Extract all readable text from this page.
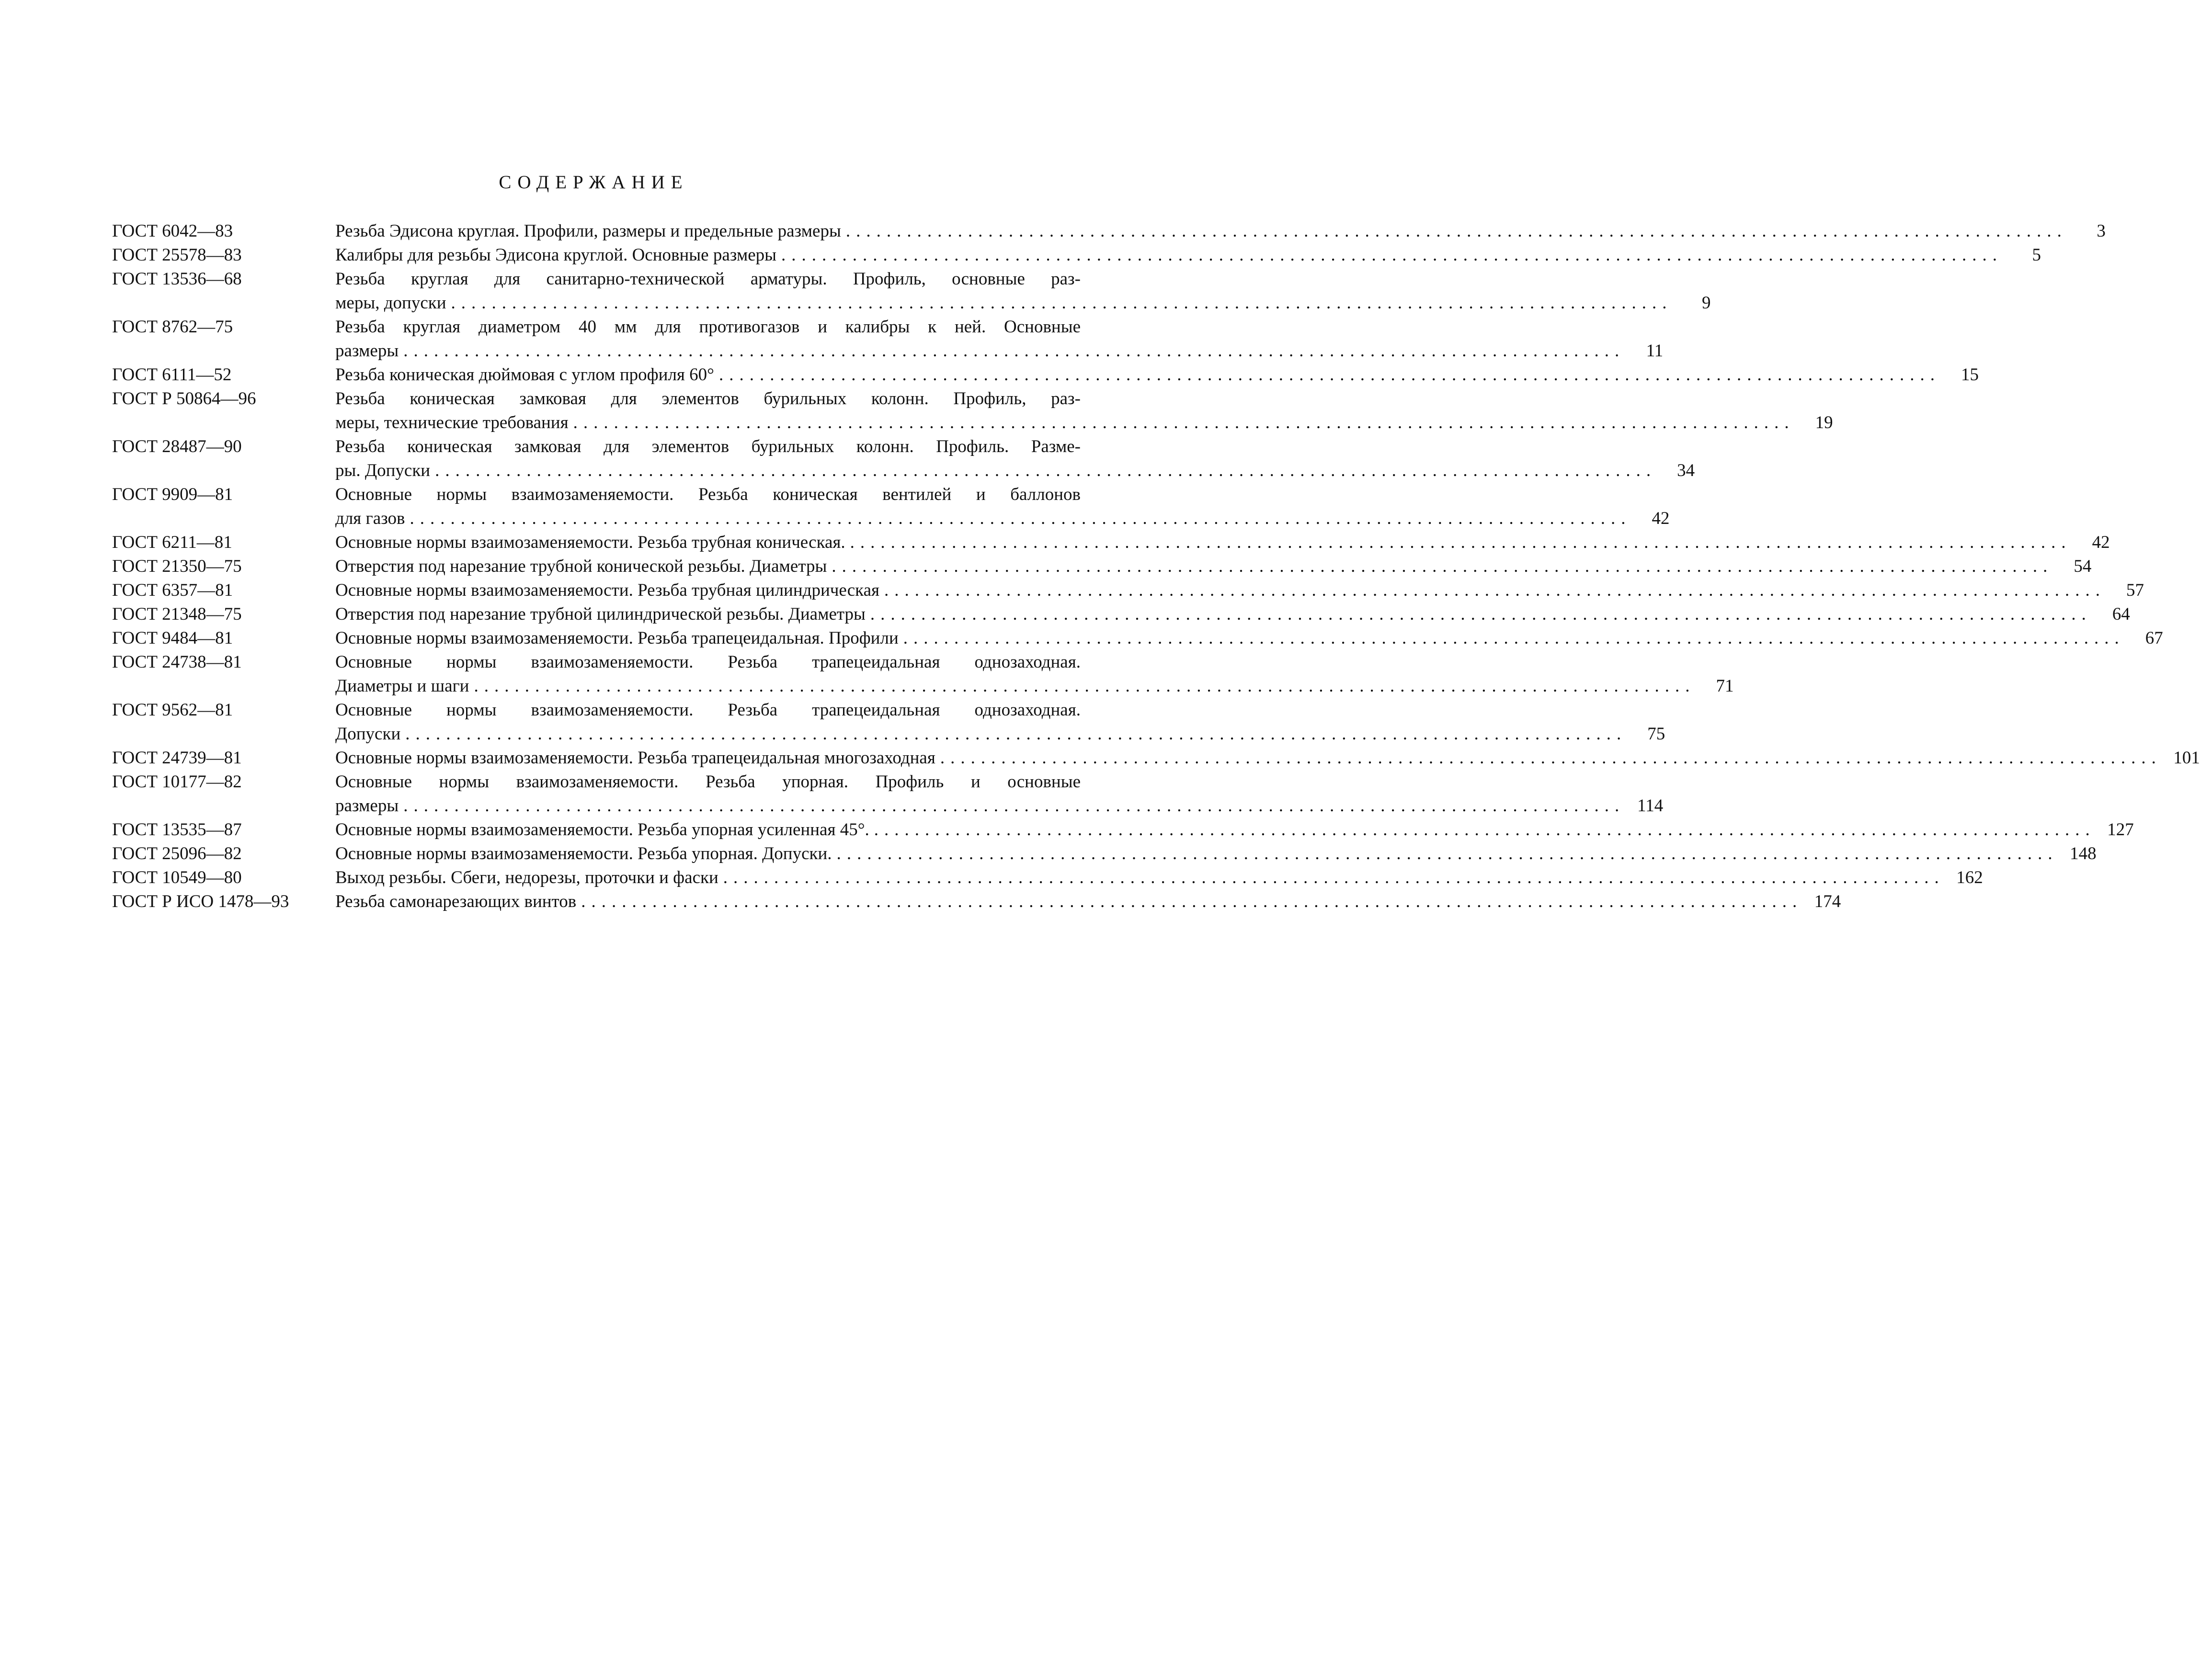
СОДЕРЖАНИЕ
ГОСТ 6042—83	Резьба Эдисона круглая. Профили, размеры и предельные размеры ........................................................................................................................	3
ГОСТ 25578—83	Калибры для резьбы Эдисона круглой. Основные размеры ........................................................................................................................	5
ГОСТ 13536—68	Резьба круглая для санитарно-технической арматуры. Профиль, основные раз-
меры, допуски ........................................................................................................................	9
ГОСТ 8762—75	Резьба круглая диаметром 40 мм для противогазов и калибры к ней. Основные
размеры ........................................................................................................................	11
ГОСТ 6111—52	Резьба коническая дюймовая с углом профиля 60° ........................................................................................................................	15
ГОСТ Р 50864—96	Резьба коническая замковая для элементов бурильных колонн. Профиль, раз-
меры, технические требования ........................................................................................................................	19
ГОСТ 28487—90	Резьба коническая замковая для элементов бурильных колонн. Профиль. Разме-
ры. Допуски ........................................................................................................................	34
ГОСТ 9909—81	Основные нормы взаимозаменяемости. Резьба коническая вентилей и баллонов
для газов ........................................................................................................................	42
ГОСТ 6211—81	Основные нормы взаимозаменяемости. Резьба трубная коническая. ........................................................................................................................	42
ГОСТ 21350—75	Отверстия под нарезание трубной конической резьбы. Диаметры ........................................................................................................................	54
ГОСТ 6357—81	Основные нормы взаимозаменяемости. Резьба трубная цилиндрическая ........................................................................................................................	57
ГОСТ 21348—75	Отверстия под нарезание трубной цилиндрической резьбы. Диаметры ........................................................................................................................	64
ГОСТ 9484—81	Основные нормы взаимозаменяемости. Резьба трапецеидальная. Профили ........................................................................................................................	67
ГОСТ 24738—81	Основные нормы взаимозаменяемости. Резьба трапецеидальная однозаходная.
Диаметры и шаги ........................................................................................................................	71
ГОСТ 9562—81	Основные нормы взаимозаменяемости. Резьба трапецеидальная однозаходная.
Допуски ........................................................................................................................	75
ГОСТ 24739—81	Основные нормы взаимозаменяемости. Резьба трапецеидальная многозаходная ........................................................................................................................ 101
ГОСТ 10177—82	Основные нормы взаимозаменяемости. Резьба упорная. Профиль и основные
размеры ........................................................................................................................ 114
ГОСТ 13535—87	Основные нормы взаимозаменяемости. Резьба упорная усиленная 45°. ........................................................................................................................ 127
ГОСТ 25096—82	Основные нормы взаимозаменяемости. Резьба упорная. Допуски. ........................................................................................................................ 148
ГОСТ 10549—80	Выход резьбы. Сбеги, недорезы, проточки и фаски ........................................................................................................................ 162
ГОСТ Р ИСО 1478—93	Резьба самонарезающих винтов ........................................................................................................................ 174
